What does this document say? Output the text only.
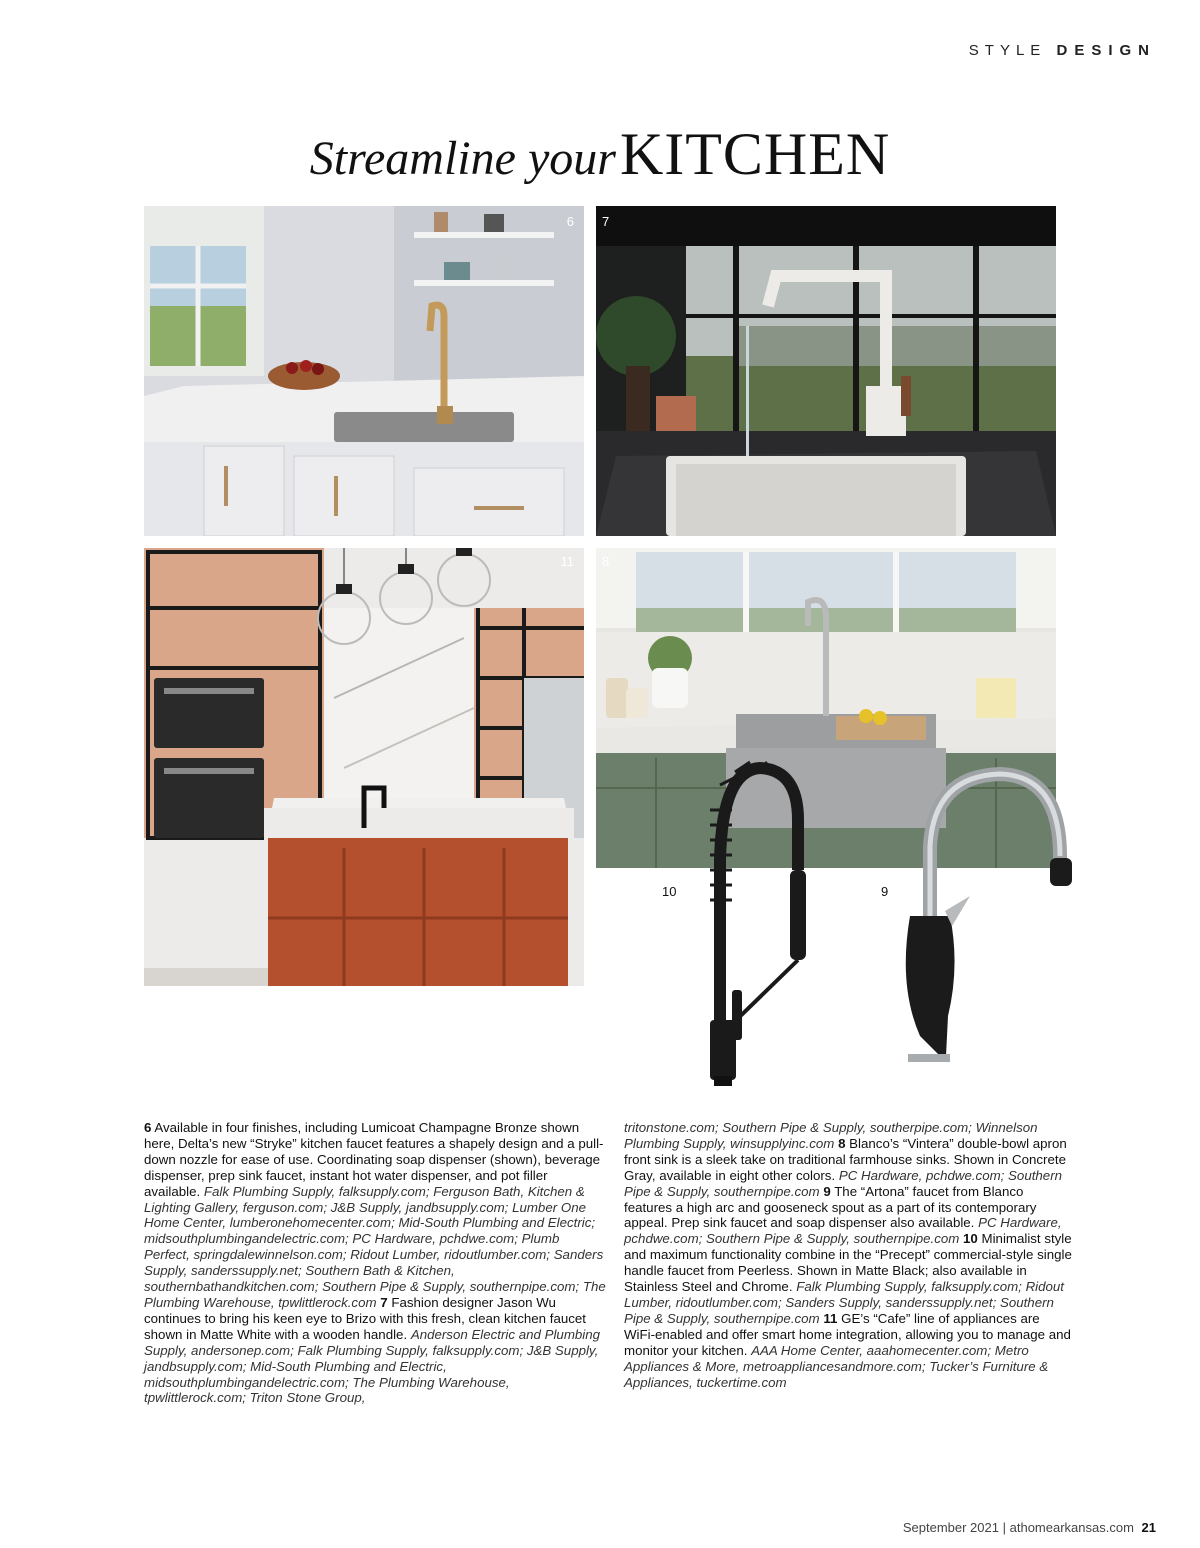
STYLE DESIGN
Streamline your KITCHEN
6 7
11 8
10	9

6 Available in four finishes, including Lumicoat Champagne Bronze shown here, Delta’s new “Stryke” kitchen faucet features a shapely design and a pull-down nozzle for ease of use. Coordinating soap dispenser (shown), beverage dispenser, prep sink faucet, instant hot water dispenser, and pot filler available. Falk Plumbing Supply, falksupply.com; Ferguson Bath, Kitchen & Lighting Gallery, ferguson.com; J&B Supply, jandbsupply.com; Lumber One Home Center, lumberonehomecenter.com; Mid-South Plumbing and Electric; midsouthplumbingandelectric.com; PC Hardware, pchdwe.com; Plumb Perfect, springdalewinnelson.com; Ridout Lumber, ridoutlumber.com; Sanders Supply, sanderssupply.net; Southern Bath & Kitchen, southernbathandkitchen.com; Southern Pipe & Supply, southernpipe.com; The Plumbing Warehouse, tpwlittlerock.com 7 Fashion designer Jason Wu continues to bring his keen eye to Brizo with this fresh, clean kitchen faucet shown in Matte White with a wooden handle. Anderson Electric and Plumbing Supply, andersonep.com; Falk Plumbing Supply, falksupply.com; J&B Supply, jandbsupply.com; Mid-South Plumbing and Electric, midsouthplumbingandelectric.com; The Plumbing Warehouse, tpwlittlerock.com; Triton Stone Group,

tritonstone.com; Southern Pipe & Supply, southerpipe.com; Winnelson Plumbing Supply, winsupplyinc.com 8 Blanco’s “Vintera” double-bowl apron front sink is a sleek take on traditional farmhouse sinks. Shown in Concrete Gray, available in eight other colors. PC Hardware, pchdwe.com; Southern Pipe & Supply, southernpipe.com 9 The “Artona” faucet from Blanco features a high arc and gooseneck spout as a part of its contemporary appeal. Prep sink faucet and soap dispenser also available. PC Hardware, pchdwe.com; Southern Pipe & Supply, southernpipe.com 10 Minimalist style and maximum functionality combine in the “Precept” commercial-style single handle faucet from Peerless. Shown in Matte Black; also available in Stainless Steel and Chrome. Falk Plumbing Supply, falksupply.com; Ridout Lumber, ridoutlumber.com; Sanders Supply, sanderssupply.net; Southern Pipe & Supply, southernpipe.com 11 GE’s “Cafe” line of appliances are WiFi-enabled and offer smart home integration, allowing you to manage and monitor your kitchen. AAA Home Center, aaahomecenter.com; Metro Appliances & More, metroappliancesandmore.com; Tucker’s Furniture & Appliances, tuckertime.com

September 2021 | athomearkansas.com 21
